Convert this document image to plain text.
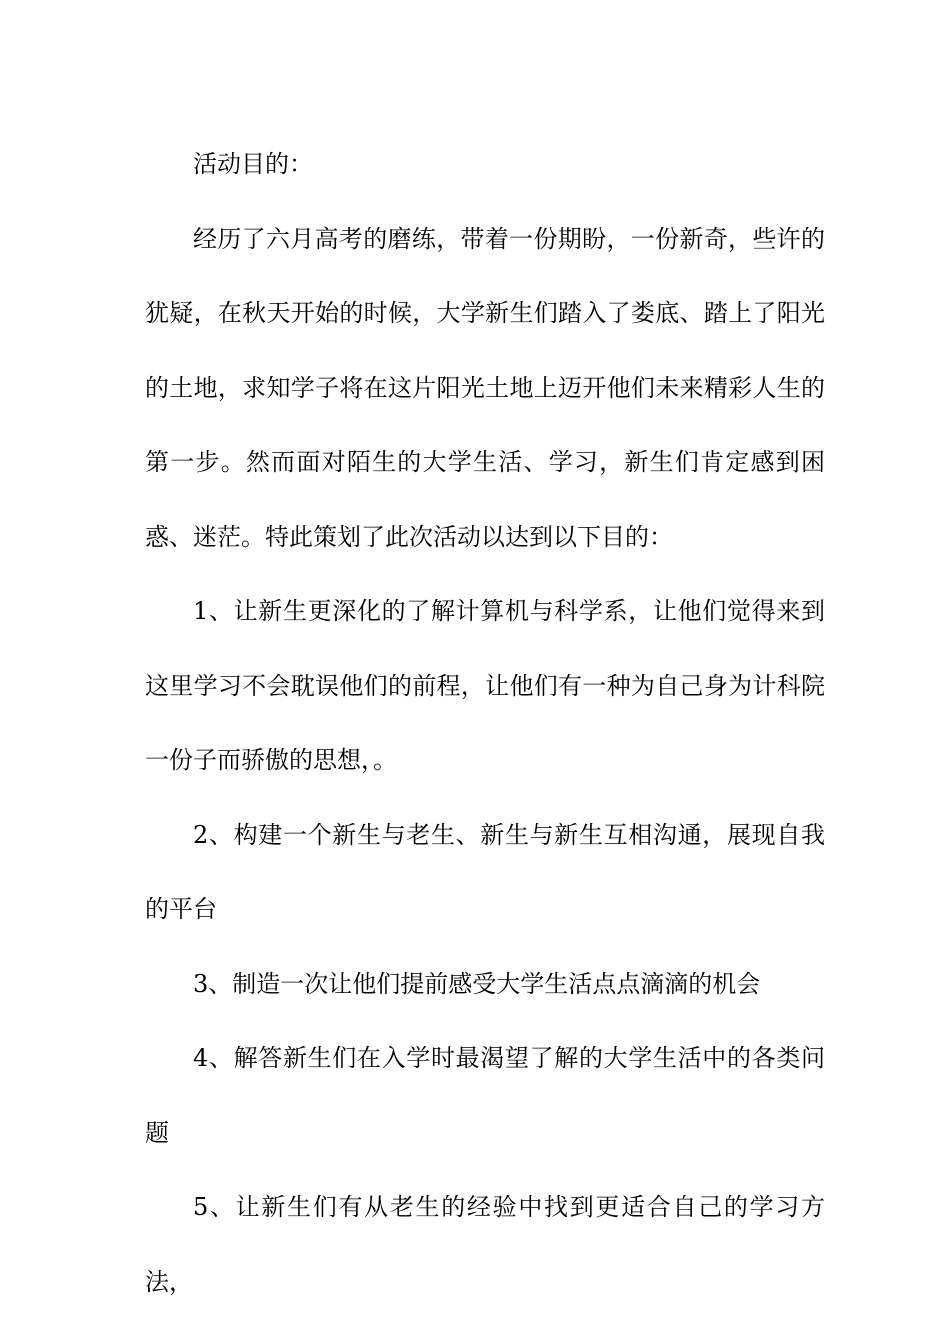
活动目的：

经历了六月高考的磨练，带着一份期盼，一份新奇，些许的犹疑，在秋天开始的时候，大学新生们踏入了娄底、踏上了阳光的土地，求知学子将在这片阳光土地上迈开他们未来精彩人生的第一步。然而面对陌生的大学生活、学习，新生们肯定感到困惑、迷茫。特此策划了此次活动以达到以下目的：

1、让新生更深化的了解计算机与科学系，让他们觉得来到这里学习不会耽误他们的前程，让他们有一种为自己身为计科院一份子而骄傲的思想，。

2、构建一个新生与老生、新生与新生互相沟通，展现自我的平台

3、制造一次让他们提前感受大学生活点点滴滴的机会

4、解答新生们在入学时最渴望了解的大学生活中的各类问题

5、让新生们有从老生的经验中找到更适合自己的学习方法，
